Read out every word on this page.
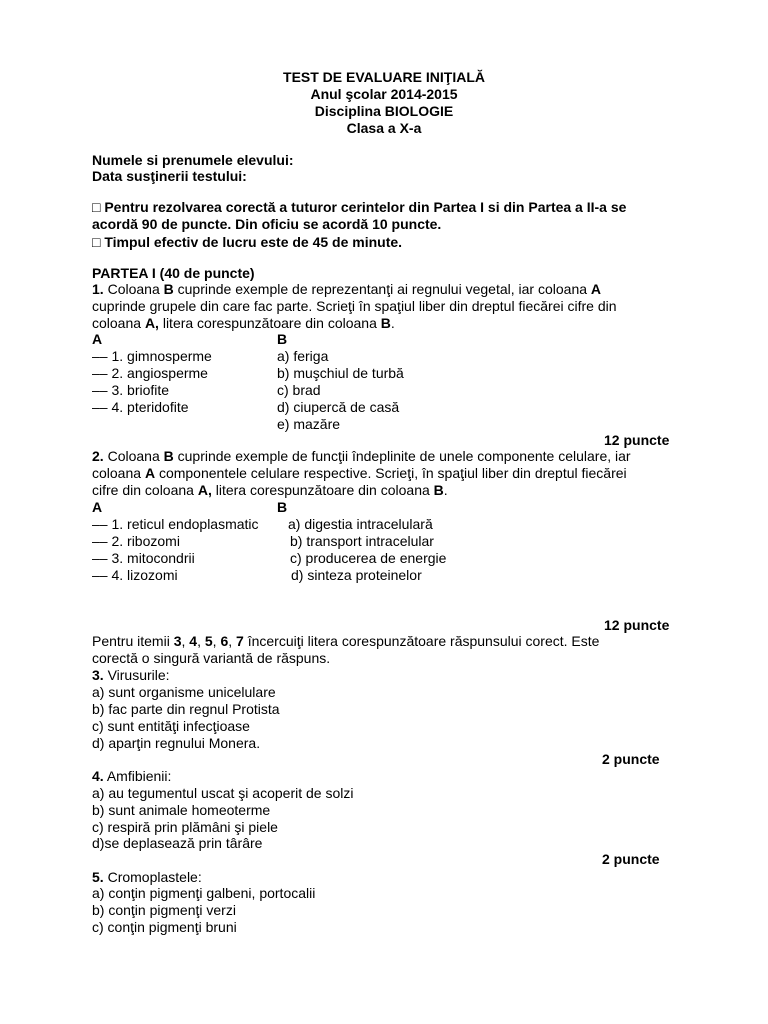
TEST DE EVALUARE INIŢIALĂ
Anul şcolar 2014-2015
Disciplina BIOLOGIE
Clasa a X-a
Numele si prenumele elevului:
Data susţinerii testului:
□ Pentru rezolvarea corectă a tuturor cerintelor din Partea I si din Partea a II-a se
acordă 90 de puncte. Din oficiu se acordă 10 puncte.
□ Timpul efectiv de lucru este de 45 de minute.
PARTEA I (40 de puncte)
1. Coloana B cuprinde exemple de reprezentanţi ai regnului vegetal, iar coloana A
cuprinde grupele din care fac parte. Scrieţi în spaţiul liber din dreptul fiecărei cifre din
coloana A, litera corespunzătoare din coloana B.
A	B
–– 1. gimnosperme
–– 2. angiosperme
–– 3. briofite
–– 4. pteridofite
a) feriga
b) muşchiul de turbă
c) brad
d) ciupercă de casă
e) mazăre
12 puncte
2. Coloana B cuprinde exemple de funcţii îndeplinite de unele componente celulare, iar
coloana A componentele celulare respective. Scrieţi, în spaţiul liber din dreptul fiecărei
cifre din coloana A, litera corespunzătoare din coloana B.
A	B
–– 1. reticul endoplasmatic
–– 2. ribozomi
–– 3. mitocondrii
–– 4. lizozomi
a) digestia intracelulară
b) transport intracelular
c) producerea de energie
d) sinteza proteinelor
12 puncte
Pentru itemii 3, 4, 5, 6, 7 încercuiţi litera corespunzătoare răspunsului corect. Este
corectă o singură variantă de răspuns.
3. Virusurile:
a) sunt organisme unicelulare
b) fac parte din regnul Protista
c) sunt entităţi infecţioase
d) aparţin regnului Monera.
2 puncte
4. Amfibienii:
a) au tegumentul uscat şi acoperit de solzi
b) sunt animale homeoterme
c) respiră prin plămâni şi piele
d)se deplasează prin târâre
2 puncte
5. Cromoplastele:
a) conţin pigmenţi galbeni, portocalii
b) conţin pigmenţi verzi
c) conţin pigmenţi bruni
